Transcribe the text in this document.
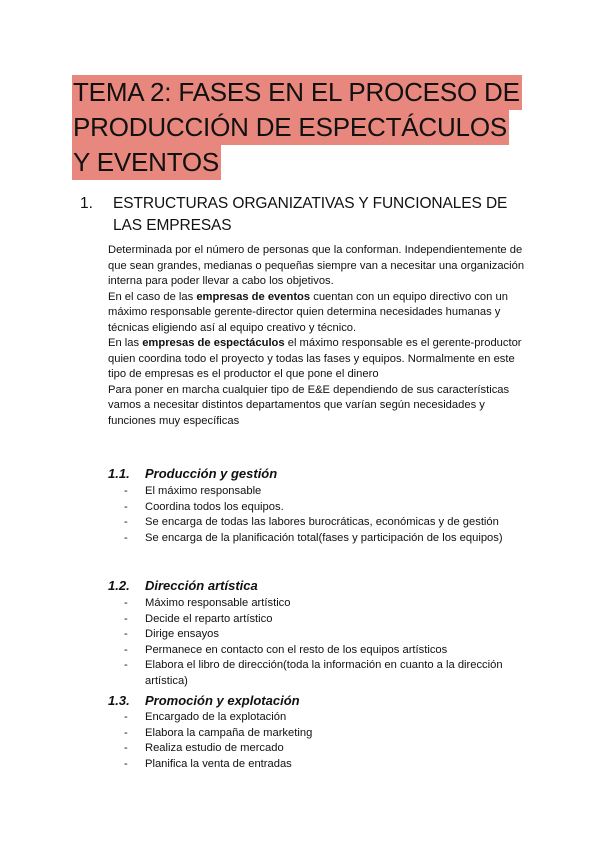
TEMA 2: FASES EN EL PROCESO DE
PRODUCCIÓN DE ESPECTÁCULOS
Y EVENTOS
1. ESTRUCTURAS ORGANIZATIVAS Y FUNCIONALES DE LAS EMPRESAS

Determinada por el número de personas que la conforman. Independientemente de que sean grandes, medianas o pequeñas siempre van a necesitar una organización interna para poder llevar a cabo los objetivos.

En el caso de las empresas de eventos cuentan con un equipo directivo con un máximo responsable gerente-director quien determina necesidades humanas y técnicas eligiendo así al equipo creativo y técnico.

En las empresas de espectáculos el máximo responsable es el gerente-productor quien coordina todo el proyecto y todas las fases y equipos. Normalmente en este tipo de empresas es el productor el que pone el dinero

Para poner en marcha cualquier tipo de E&E dependiendo de sus características vamos a necesitar distintos departamentos que varían según necesidades y funciones muy específicas

1.1. Producción y gestión
- El máximo responsable
- Coordina todos los equipos.
- Se encarga de todas las labores burocráticas, económicas y de gestión
- Se encarga de la planificación total(fases y participación de los equipos)
1.2. Dirección artística
- Máximo responsable artístico
- Decide el reparto artístico
- Dirige ensayos
- Permanece en contacto con el resto de los equipos artísticos
- Elabora el libro de dirección(toda la información en cuanto a la dirección artística)
1.3. Promoción y explotación
- Encargado de la explotación
- Elabora la campaña de marketing
- Realiza estudio de mercado
- Planifica la venta de entradas
